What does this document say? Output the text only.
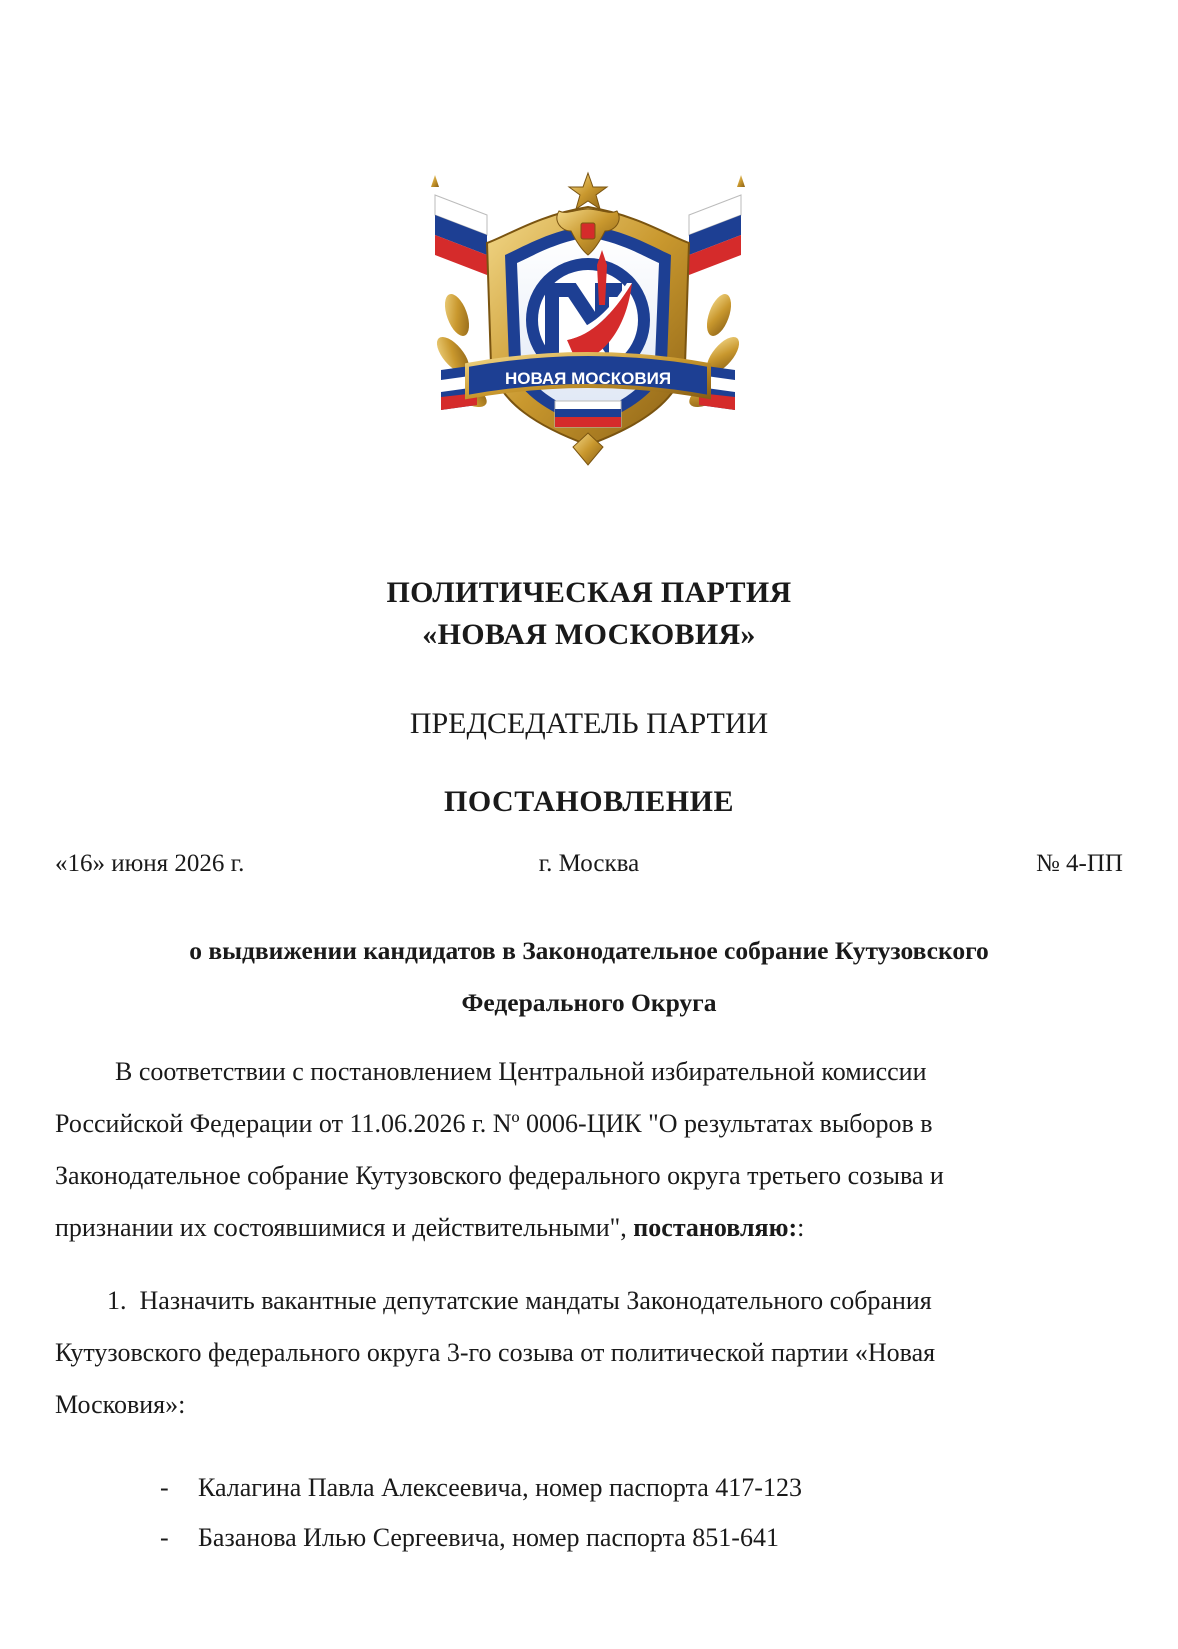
НОВАЯ МОСКОВИЯ
ПОЛИТИЧЕСКАЯ ПАРТИЯ
«НОВАЯ МОСКОВИЯ»
ПРЕДСЕДАТЕЛЬ ПАРТИИ
ПОСТАНОВЛЕНИЕ
«16» июня 2026 г.	г. Москва	№ 4-ПП
о выдвижении кандидатов в Законодательное собрание Кутузовского
Федерального Округа
В соответствии с постановлением Центральной избирательной комиссии
Российской Федерации от 11.06.2026 г. Nº 0006-ЦИК "О результатах выборов в
Законодательное собрание Кутузовского федерального округа третьего созыва и
признании их состоявшимися и действительными", постановляю::
1. Назначить вакантные депутатские мандаты Законодательного собрания
Кутузовского федерального округа 3-го созыва от политической партии «Новая
Московия»:
- Калагина Павла Алексеевича, номер паспорта 417-123
- Базанова Илью Сергеевича, номер паспорта 851-641
